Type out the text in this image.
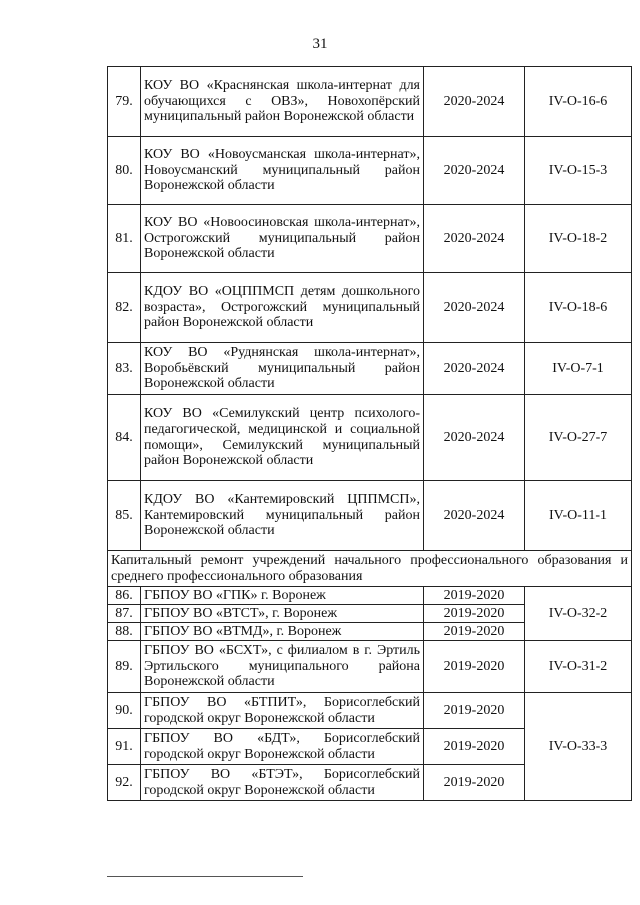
31
79.	КОУ ВО «Краснянская школа-интернат для обучающихся с ОВЗ», Новохопёрский муниципальный район Воронежской области	2020-2024	IV-О-16-6
80.	КОУ ВО «Новоусманская школа-интернат», Новоусманский муниципальный район Воронежской области	2020-2024	IV-О-15-3
81.	КОУ ВО «Новоосиновская школа-интернат», Острогожский муниципальный район Воронежской области	2020-2024	IV-О-18-2
82.	КДОУ ВО «ОЦППМСП детям дошкольного возраста», Острогожский муниципальный район Воронежской области	2020-2024	IV-О-18-6
83.	КОУ ВО «Руднянская школа-интернат», Воробьёвский муниципальный район Воронежской области	2020-2024	IV-О-7-1
84.	КОУ ВО «Семилукский центр психолого-педагогической, медицинской и социальной помощи», Семилукский муниципальный район Воронежской области	2020-2024	IV-О-27-7
85.	КДОУ ВО «Кантемировский ЦППМСП», Кантемировский муниципальный район Воронежской области	2020-2024	IV-О-11-1
Капитальный ремонт учреждений начального профессионального образования и среднего профессионального образования			
86.	ГБПОУ ВО «ГПК» г. Воронеж	2019-2020	IV-О-32-2
87.	ГБПОУ ВО «ВТСТ», г. Воронеж	2019-2020	
88.	ГБПОУ ВО «ВТМД», г. Воронеж	2019-2020	
89.	ГБПОУ ВО «БСХТ», с филиалом в г. Эртиль Эртильского муниципального района Воронежской области	2019-2020	IV-О-31-2
90.	ГБПОУ ВО «БТПИТ», Борисоглебский городской округ Воронежской области	2019-2020	IV-О-33-3
91.	ГБПОУ ВО «БДТ», Борисоглебский городской округ Воронежской области	2019-2020	
92.	ГБПОУ ВО «БТЭТ», Борисоглебский городской округ Воронежской области	2019-2020	
